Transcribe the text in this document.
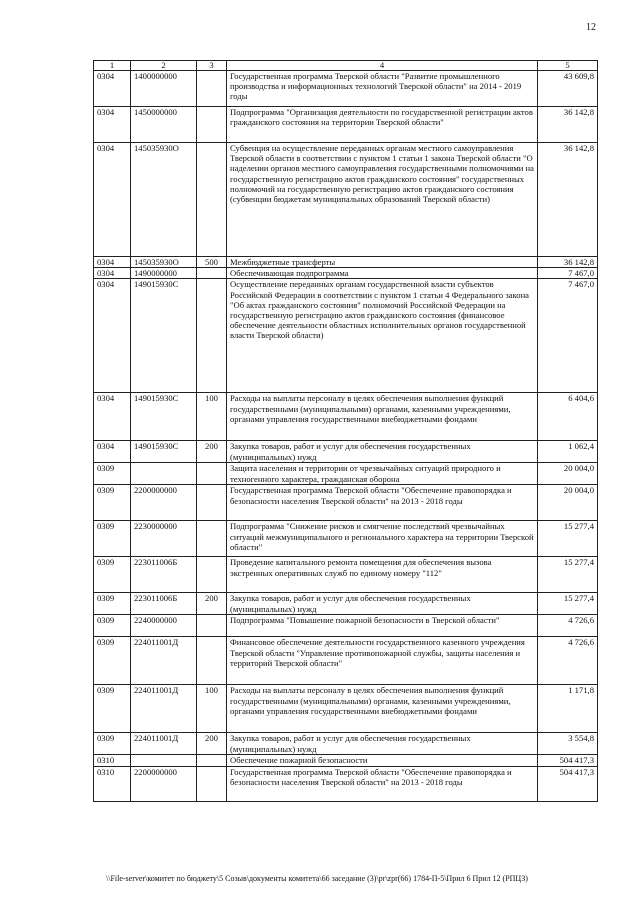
12
1	2	3	4	5
0304	1400000000		Государственная программа Тверской области "Развитие промышленного производства и информационных технологий Тверской области" на 2014 - 2019 годы	43 609,8
0304	1450000000		Подпрограмма "Организация деятельности по государственной регистрации актов гражданского состояния на территории Тверской области"	36 142,8
0304	145035930О		Субвенция на осуществление переданных органам местного самоуправления Тверской области в соответствии с пунктом 1 статьи 1 закона Тверской области "О наделении органов местного самоуправления государственными полномочиями на государственную регистрацию актов гражданского состояния" государственных полномочий на государственную регистрацию актов гражданского состояния (субвенции бюджетам муниципальных образований Тверской области)	36 142,8
0304	145035930О	500	Межбюджетные трансферты	36 142,8
0304	1490000000		Обеспечивающая подпрограмма	7 467,0
0304	149015930С		Осуществление переданных органам государственной власти субъектов Российской Федерации в соответствии с пунктом 1 статьи 4 Федерального закона "Об актах гражданского состояния" полномочий Российской Федерации на государственную регистрацию актов гражданского состояния (финансовое обеспечение деятельности областных исполнительных органов государственной власти Тверской области)	7 467,0
0304	149015930С	100	Расходы на выплаты персоналу в целях обеспечения выполнения функций государственными (муниципальными) органами, казенными учреждениями, органами управления государственными внебюджетными фондами	6 404,6
0304	149015930С	200	Закупка товаров, работ и услуг для обеспечения государственных (муниципальных) нужд	1 062,4
0309			Защита населения и территории от чрезвычайных ситуаций природного и техногенного характера, гражданская оборона	20 004,0
0309	2200000000		Государственная программа Тверской области "Обеспечение правопорядка и безопасности населения Тверской области" на 2013 - 2018 годы	20 004,0
0309	2230000000		Подпрограмма "Снижение рисков и смягчение последствий чрезвычайных ситуаций межмуниципального и регионального характера на территории Тверской области"	15 277,4
0309	223011006Б		Проведение капитального ремонта помещения для обеспечения вызова экстренных оперативных служб по единому номеру "112"	15 277,4
0309	223011006Б	200	Закупка товаров, работ и услуг для обеспечения государственных (муниципальных) нужд	15 277,4
0309	2240000000		Подпрограмма "Повышение пожарной безопасности в Тверской области"	4 726,6
0309	224011001Д		Финансовое обеспечение деятельности государственного казенного учреждения Тверской области "Управление противопожарной службы, защиты населения и территорий Тверской области"	4 726,6
0309	224011001Д	100	Расходы на выплаты персоналу в целях обеспечения выполнения функций государственными (муниципальными) органами, казенными учреждениями, органами управления государственными внебюджетными фондами	1 171,8
0309	224011001Д	200	Закупка товаров, работ и услуг для обеспечения государственных (муниципальных) нужд	3 554,8
0310			Обеспечение пожарной безопасности	504 417,3
0310	2200000000		Государственная программа Тверской области "Обеспечение правопорядка и безопасности населения Тверской области" на 2013 - 2018 годы	504 417,3
\\File-server\комитет по бюджету\5 Созыв\документы комитета\66 заседание (3)\pr\zpr(66) 1784-П-5\Прил 6 Прил 12 (РПЦЗ)
